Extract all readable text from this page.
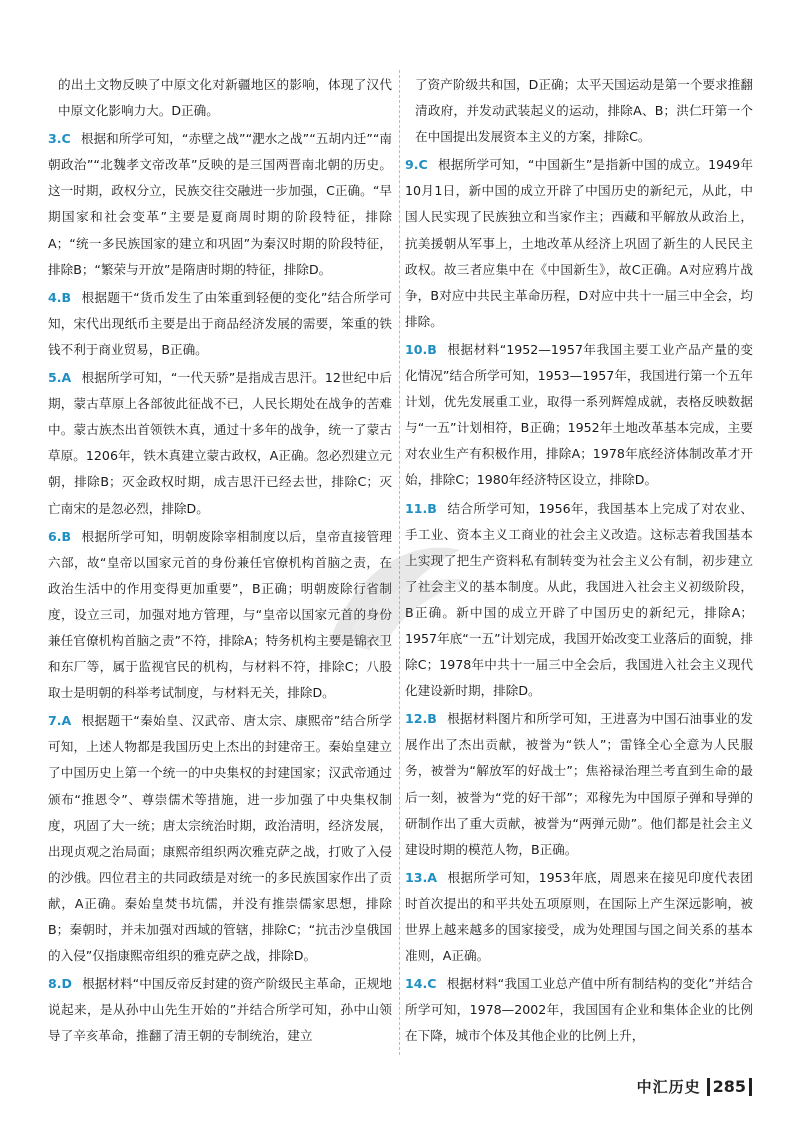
的出土文物反映了中原文化对新疆地区的影响，体现了汉代中原文化影响力大。D正确。

3.C 根据和所学可知，“赤壁之战”“淝水之战”“五胡内迁”“南朝政治”“北魏孝文帝改革”反映的是三国两晋南北朝的历史。这一时期，政权分立，民族交往交融进一步加强，C正确。“早期国家和社会变革”主要是夏商周时期的阶段特征，排除A；“统一多民族国家的建立和巩固”为秦汉时期的阶段特征，排除B；“繁荣与开放”是隋唐时期的特征，排除D。

4.B 根据题干“货币发生了由笨重到轻便的变化”结合所学可知，宋代出现纸币主要是出于商品经济发展的需要，笨重的铁钱不利于商业贸易，B正确。

5.A 根据所学可知，“一代天骄”是指成吉思汗。12世纪中后期，蒙古草原上各部彼此征战不已，人民长期处在战争的苦难中。蒙古族杰出首领铁木真，通过十多年的战争，统一了蒙古草原。1206年，铁木真建立蒙古政权，A正确。忽必烈建立元朝，排除B；灭金政权时期，成吉思汗已经去世，排除C；灭亡南宋的是忽必烈，排除D。

6.B 根据所学可知，明朝废除宰相制度以后，皇帝直接管理六部，故“皇帝以国家元首的身份兼任官僚机构首脑之责，在政治生活中的作用变得更加重要”，B正确；明朝废除行省制度，设立三司，加强对地方管理，与“皇帝以国家元首的身份兼任官僚机构首脑之责”不符，排除A；特务机构主要是锦衣卫和东厂等，属于监视官民的机构，与材料不符，排除C；八股取士是明朝的科举考试制度，与材料无关，排除D。

7.A 根据题干“秦始皇、汉武帝、唐太宗、康熙帝”结合所学可知，上述人物都是我国历史上杰出的封建帝王。秦始皇建立了中国历史上第一个统一的中央集权的封建国家；汉武帝通过颁布“推恩令”、尊崇儒术等措施，进一步加强了中央集权制度，巩固了大一统；唐太宗统治时期，政治清明，经济发展，出现贞观之治局面；康熙帝组织两次雅克萨之战，打败了入侵的沙俄。四位君主的共同政绩是对统一的多民族国家作出了贡献，A正确。秦始皇焚书坑儒，并没有推崇儒家思想，排除B；秦朝时，并未加强对西域的管辖，排除C；“抗击沙皇俄国的入侵”仅指康熙帝组织的雅克萨之战，排除D。

8.D 根据材料“中国反帝反封建的资产阶级民主革命，正规地说起来，是从孙中山先生开始的”并结合所学可知，孙中山领导了辛亥革命，推翻了清王朝的专制统治，建立

了资产阶级共和国，D正确；太平天国运动是第一个要求推翻清政府，并发动武装起义的运动，排除A、B；洪仁玕第一个在中国提出发展资本主义的方案，排除C。

9.C 根据所学可知，“中国新生”是指新中国的成立。1949年10月1日，新中国的成立开辟了中国历史的新纪元，从此，中国人民实现了民族独立和当家作主；西藏和平解放从政治上，抗美援朝从军事上，土地改革从经济上巩固了新生的人民民主政权。故三者应集中在《中国新生》，故C正确。A对应鸦片战争，B对应中共民主革命历程，D对应中共十一届三中全会，均排除。

10.B 根据材料“1952—1957年我国主要工业产品产量的变化情况”结合所学可知，1953—1957年，我国进行第一个五年计划，优先发展重工业，取得一系列辉煌成就，表格反映数据与“一五”计划相符，B正确；1952年土地改革基本完成，主要对农业生产有积极作用，排除A；1978年底经济体制改革才开始，排除C；1980年经济特区设立，排除D。

11.B 结合所学可知，1956年，我国基本上完成了对农业、手工业、资本主义工商业的社会主义改造。这标志着我国基本上实现了把生产资料私有制转变为社会主义公有制，初步建立了社会主义的基本制度。从此，我国进入社会主义初级阶段，B正确。新中国的成立开辟了中国历史的新纪元，排除A；1957年底“一五”计划完成，我国开始改变工业落后的面貌，排除C；1978年中共十一届三中全会后，我国进入社会主义现代化建设新时期，排除D。

12.B 根据材料图片和所学可知，王进喜为中国石油事业的发展作出了杰出贡献，被誉为“铁人”；雷锋全心全意为人民服务，被誉为“解放军的好战士”；焦裕禄治理兰考直到生命的最后一刻，被誉为“党的好干部”；邓稼先为中国原子弹和导弹的研制作出了重大贡献，被誉为“两弹元勋”。他们都是社会主义建设时期的模范人物，B正确。

13.A 根据所学可知，1953年底，周恩来在接见印度代表团时首次提出的和平共处五项原则，在国际上产生深远影响，被世界上越来越多的国家接受，成为处理国与国之间关系的基本准则，A正确。

14.C 根据材料“我国工业总产值中所有制结构的变化”并结合所学可知，1978—2002年，我国国有企业和集体企业的比例在下降，城市个体及其他企业的比例上升，

中汇历史 285
